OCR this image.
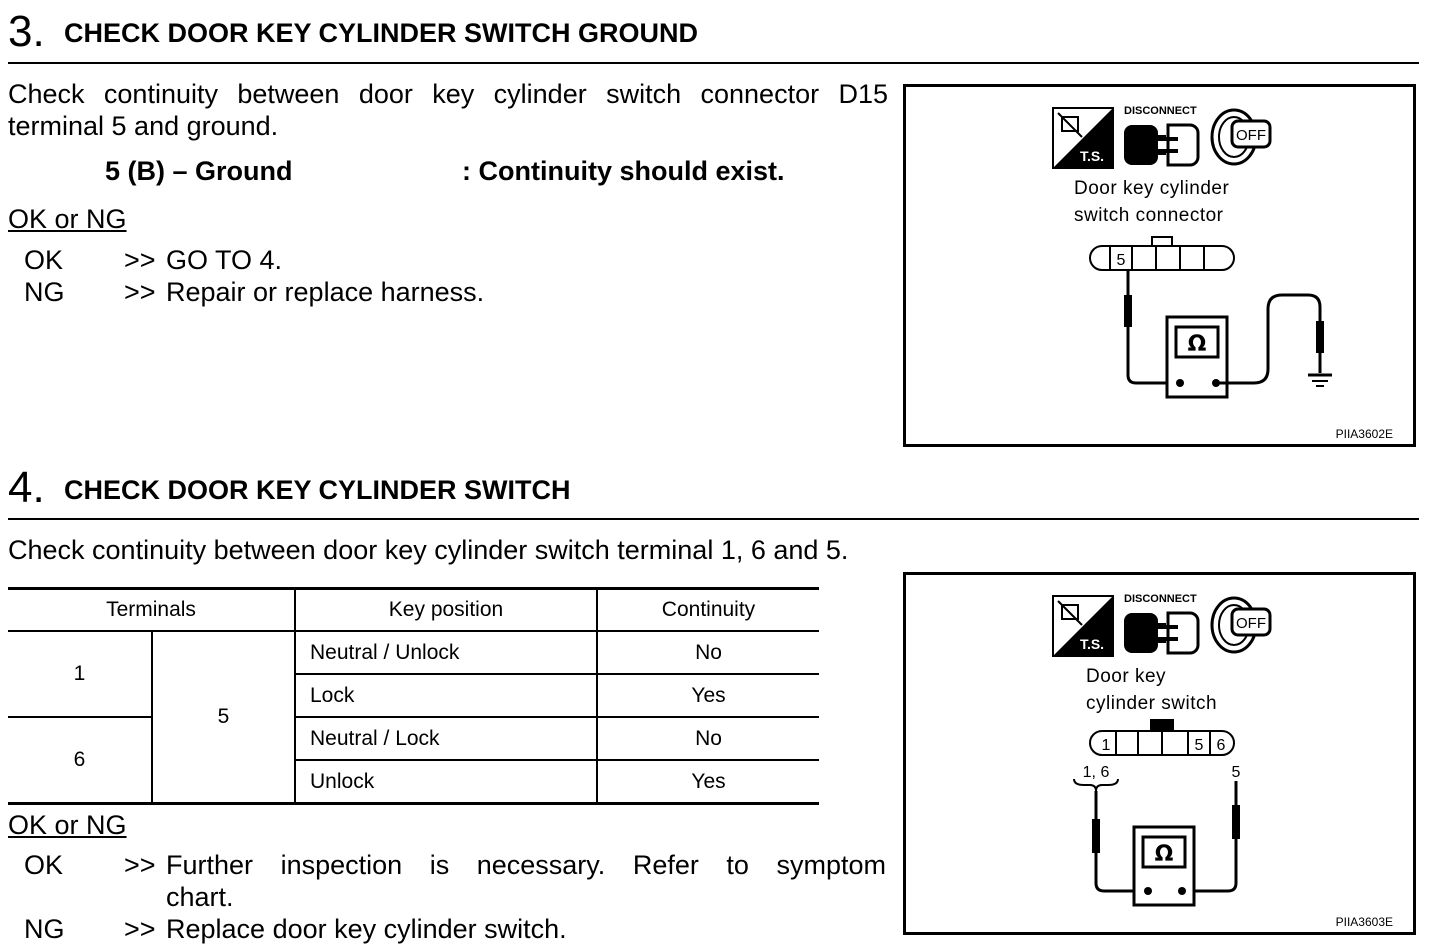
3. CHECK DOOR KEY CYLINDER SWITCH GROUND
Check continuity between door key cylinder switch connector D15
terminal 5 and ground.
5 (B) – Ground	: Continuity should exist.
OK or NG
OK >> GO TO 4.
NG >> Repair or replace harness.
T.S.
DISCONNECT
OFF
Door key cylinder
switch connector
5
Ω
PIIA3602E
4. CHECK DOOR KEY CYLINDER SWITCH
Check continuity between door key cylinder switch terminal 1, 6 and 5.
Terminals		Key position	Continuity
1	5	Neutral / Unlock	No
		Lock	Yes
6		Neutral / Lock	No
		Unlock	Yes
OK or NG
OK >> Further inspection is necessary. Refer to symptom
chart.
NG >> Replace door key cylinder switch.
T.S.
DISCONNECT
OFF
Door key
cylinder switch
1	5 6
1, 6	5
Ω
PIIA3603E
